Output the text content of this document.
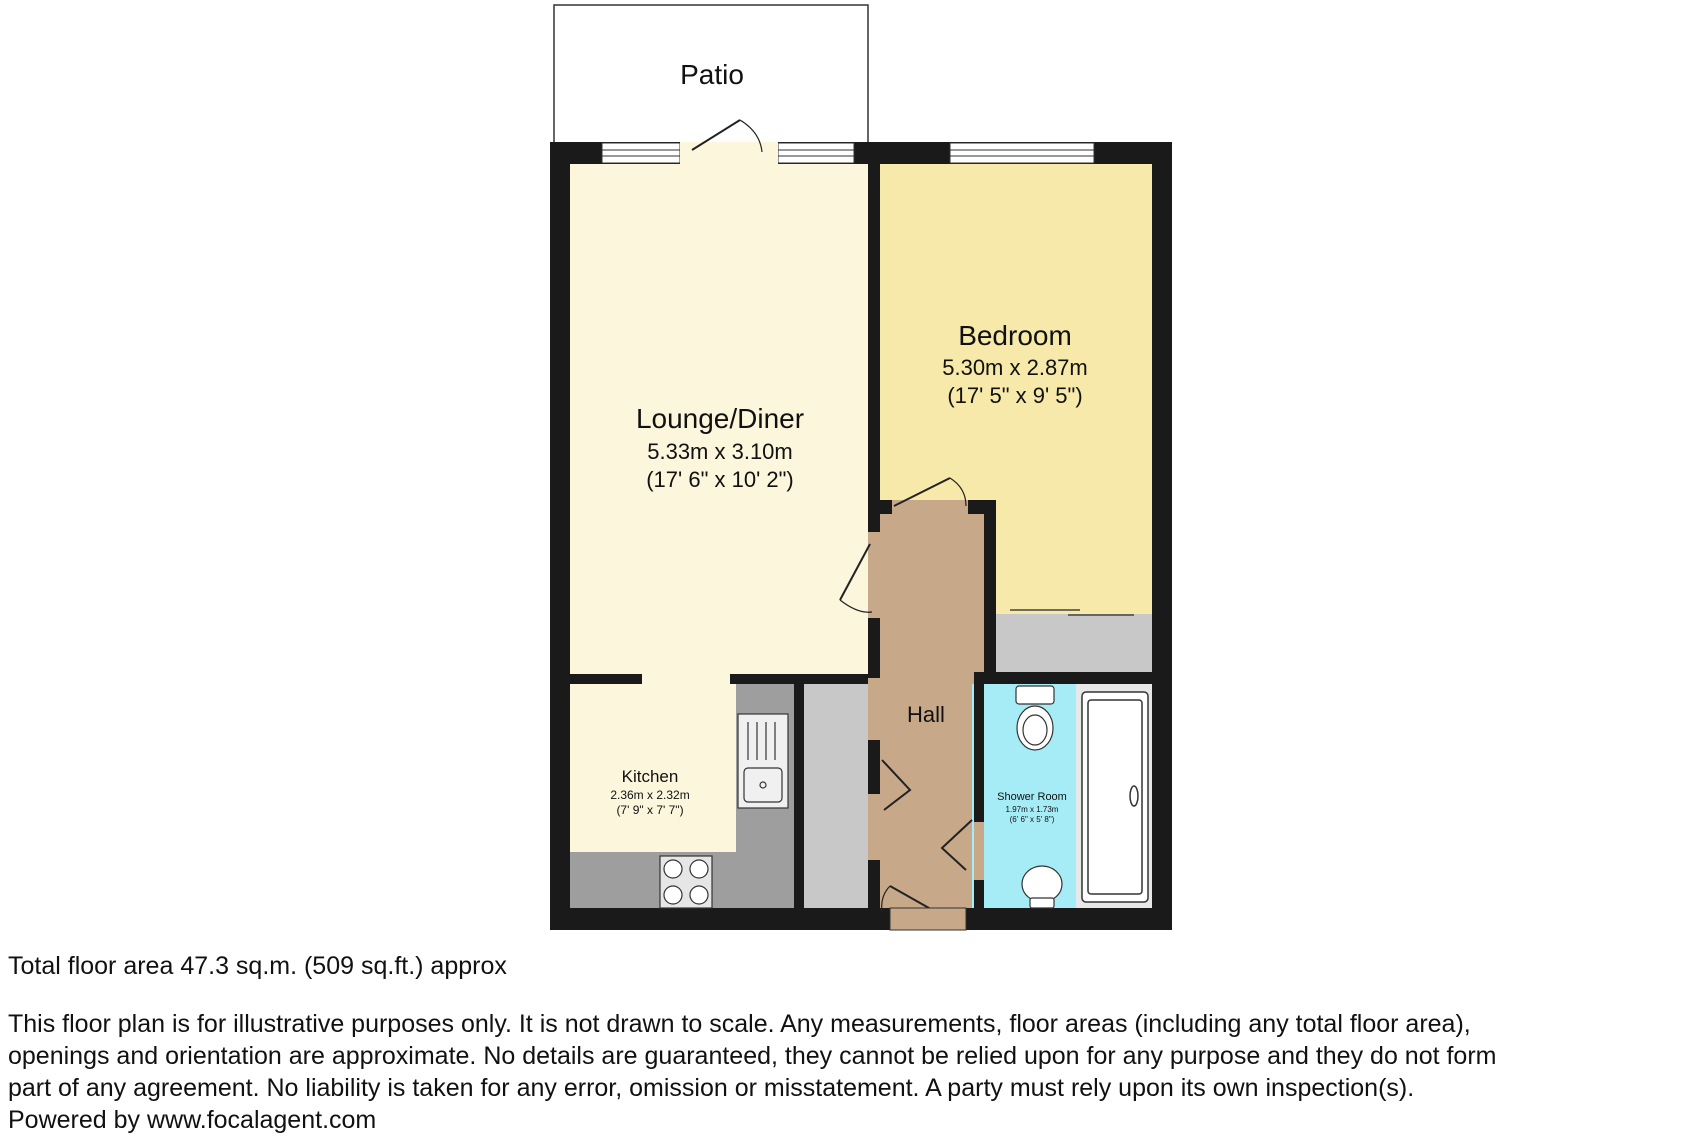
Patio
Lounge/Diner
5.33m x 3.10m
(17' 6" x 10' 2")
Bedroom
5.30m x 2.87m
(17' 5" x 9' 5")
Kitchen
2.36m x 2.32m
(7' 9" x 7' 7")
Hall
Shower Room
1.97m x 1.73m
(6' 6" x 5' 8")
Total floor area 47.3 sq.m. (509 sq.ft.) approx
This floor plan is for illustrative purposes only. It is not drawn to scale. Any measurements, floor areas (including any total floor area),
openings and orientation are approximate. No details are guaranteed, they cannot be relied upon for any purpose and they do not form
part of any agreement. No liability is taken for any error, omission or misstatement. A party must rely upon its own inspection(s).
Powered by www.focalagent.com
